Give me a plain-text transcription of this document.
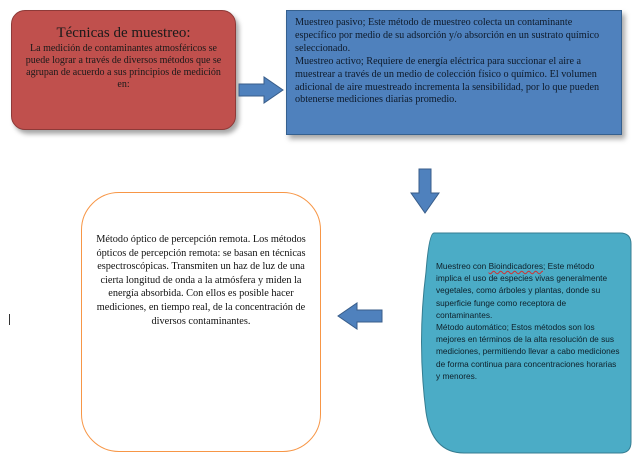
Técnicas de muestreo:
La medición de contaminantes atmosféricos se puede lograr a través de diversos métodos que se agrupan de acuerdo a sus principios de medición en:

Muestreo pasivo; Este método de muestreo colecta un contaminante específico por medio de su adsorción y/o absorción en un sustrato químico seleccionado.

Muestreo activo; Requiere de energía eléctrica para succionar el aire a muestrear a través de un medio de colección físico o químico. El volumen adicional de aire muestreado incrementa la sensibilidad, por lo que pueden obtenerse mediciones diarias promedio.

Muestreo con Bioindicadores; Este método implica el uso de especies vivas generalmente vegetales, como árboles y plantas, donde su superficie funge como receptora de contaminantes.

Método automático; Estos métodos son los mejores en términos de la alta resolución de sus mediciones, permitiendo llevar a cabo mediciones de forma continua para concentraciones horarias y menores.

Método óptico de percepción remota. Los métodos ópticos de percepción remota: se basan en técnicas espectroscópicas. Transmiten un haz de luz de una cierta longitud de onda a la atmósfera y miden la energía absorbida. Con ellos es posible hacer mediciones, en tiempo real, de la concentración de diversos contaminantes.
